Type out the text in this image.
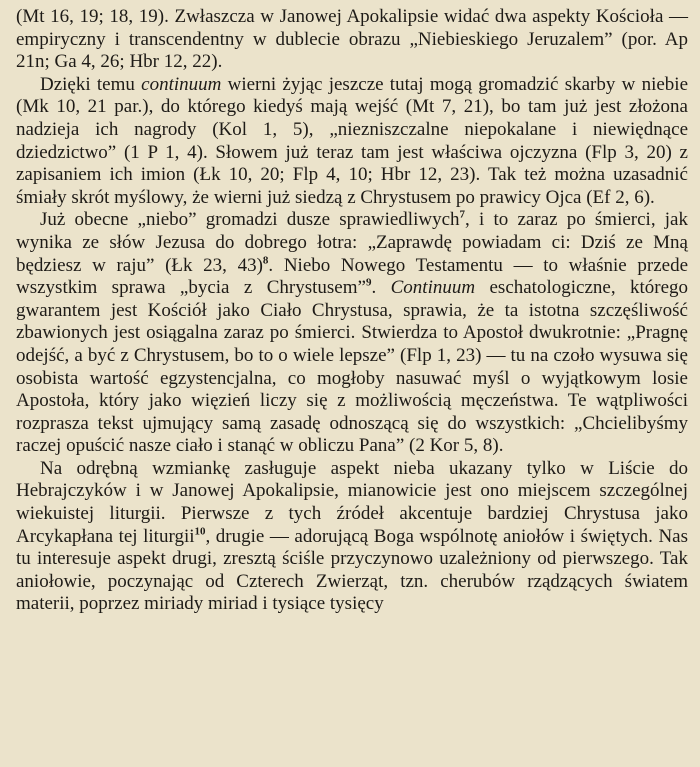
(Mt 16, 19; 18, 19). Zwłaszcza w Janowej Apokalipsie widać dwa aspekty Kościoła — empiryczny i transcendentny w dublecie obrazu „Niebieskiego Jeruzalem” (por. Ap 21n; Ga 4, 26; Hbr 12, 22).

Dzięki temu continuum wierni żyjąc jeszcze tutaj mogą gromadzić skarby w niebie (Mk 10, 21 par.), do którego kiedyś mają wejść (Mt 7, 21), bo tam już jest złożona nadzieja ich nagrody (Kol 1, 5), „niezniszczalne niepokalane i niewiędnące dziedzictwo” (1 P 1, 4). Słowem już teraz tam jest właściwa ojczyzna (Flp 3, 20) z zapisaniem ich imion (Łk 10, 20; Flp 4, 10; Hbr 12, 23). Tak też można uzasadnić śmiały skrót myślowy, że wierni już siedzą z Chrystusem po prawicy Ojca (Ef 2, 6).

Już obecne „niebo” gromadzi dusze sprawiedliwych$^7$, i to zaraz po śmierci, jak wynika ze słów Jezusa do dobrego łotra: „Zaprawdę powiadam ci: Dziś ze Mną będziesz w raju” (Łk 23, 43)$^8$. Niebo Nowego Testamentu — to właśnie przede wszystkim sprawa „bycia z Chrystusem”$^9$. Continuum eschatologiczne, którego gwarantem jest Kościół jako Ciało Chrystusa, sprawia, że ta istotna szczęśliwość zbawionych jest osiągalna zaraz po śmierci. Stwierdza to Apostoł dwukrotnie: „Pragnę odejść, a być z Chrystusem, bo to o wiele lepsze” (Flp 1, 23) — tu na czoło wysuwa się osobista wartość egzystencjalna, co mogłoby nasuwać myśl o wyjątkowym losie Apostoła, który jako więzień liczy się z możliwością męczeństwa. Te wątpliwości rozprasza tekst ujmujący samą zasadę odnoszącą się do wszystkich: „Chcielibyśmy raczej opuścić nasze ciało i stanąć w obliczu Pana” (2 Kor 5, 8).

Na odrębną wzmiankę zasługuje aspekt nieba ukazany tylko w Liście do Hebrajczyków i w Janowej Apokalipsie, mianowicie jest ono miejscem szczególnej wiekuistej liturgii. Pierwsze z tych źródeł akcentuje bardziej Chrystusa jako Arcykapłana tej liturgii$^{10}$, drugie — adorującą Boga wspólnotę aniołów i świętych. Nas tu interesuje aspekt drugi, zresztą ściśle przyczynowo uzależniony od pierwszego. Tak aniołowie, poczynając od Czterech Zwierząt, tzn. cherubów rządzących światem materii, poprzez miriady miriad i tysiące tysięcy
